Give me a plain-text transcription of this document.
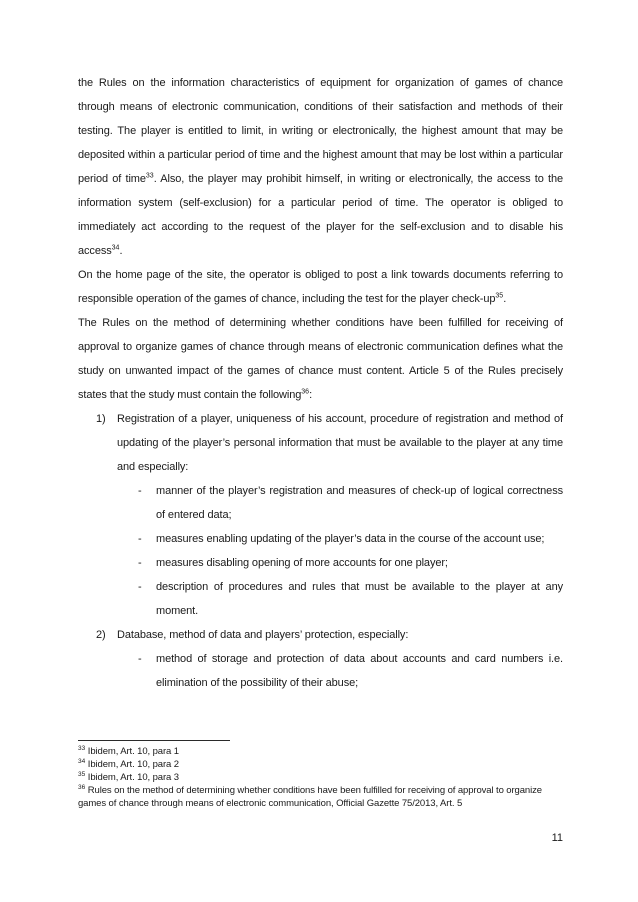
the Rules on the information characteristics of equipment for organization of games of chance through means of electronic communication, conditions of their satisfaction and methods of their testing. The player is entitled to limit, in writing or electronically, the highest amount that may be deposited within a particular period of time and the highest amount that may be lost within a particular period of time$^{33}$. Also, the player may prohibit himself, in writing or electronically, the access to the information system (self-exclusion) for a particular period of time. The operator is obliged to immediately act according to the request of the player for the self-exclusion and to disable his access$^{34}$.

On the home page of the site, the operator is obliged to post a link towards documents referring to responsible operation of the games of chance, including the test for the player check-$up^{35}$.

The Rules on the method of determining whether conditions have been fulfilled for receiving of approval to organize games of chance through means of electronic communication defines what the study on unwanted impact of the games of chance must content. Article 5 of the Rules precisely states that the study must contain the following$^{36}$:

1)	Registration of a player, uniqueness of his account, procedure of registration and method of updating of the player’s personal information that must be available to the player at any time and especially:
-	manner of the player’s registration and measures of check-up of logical correctness of entered data;
-	measures enabling updating of the player’s data in the course of the account use;
-	measures disabling opening of more accounts for one player;
-	description of procedures and rules that must be available to the player at any moment.
2)	Database, method of data and players’ protection, especially:
-	method of storage and protection of data about accounts and card numbers i.e. elimination of the possibility of their abuse;
$^{33}$ Ibidem, Art. 10, para 1
$^{34}$ Ibidem, Art. 10, para 2
$^{35}$ Ibidem, Art. 10, para 3
$^{36}$ Rules on the method of determining whether conditions have been fulfilled for receiving of approval to organize games of chance through means of electronic communication, Official Gazette 75/2013, Art. 5
11
